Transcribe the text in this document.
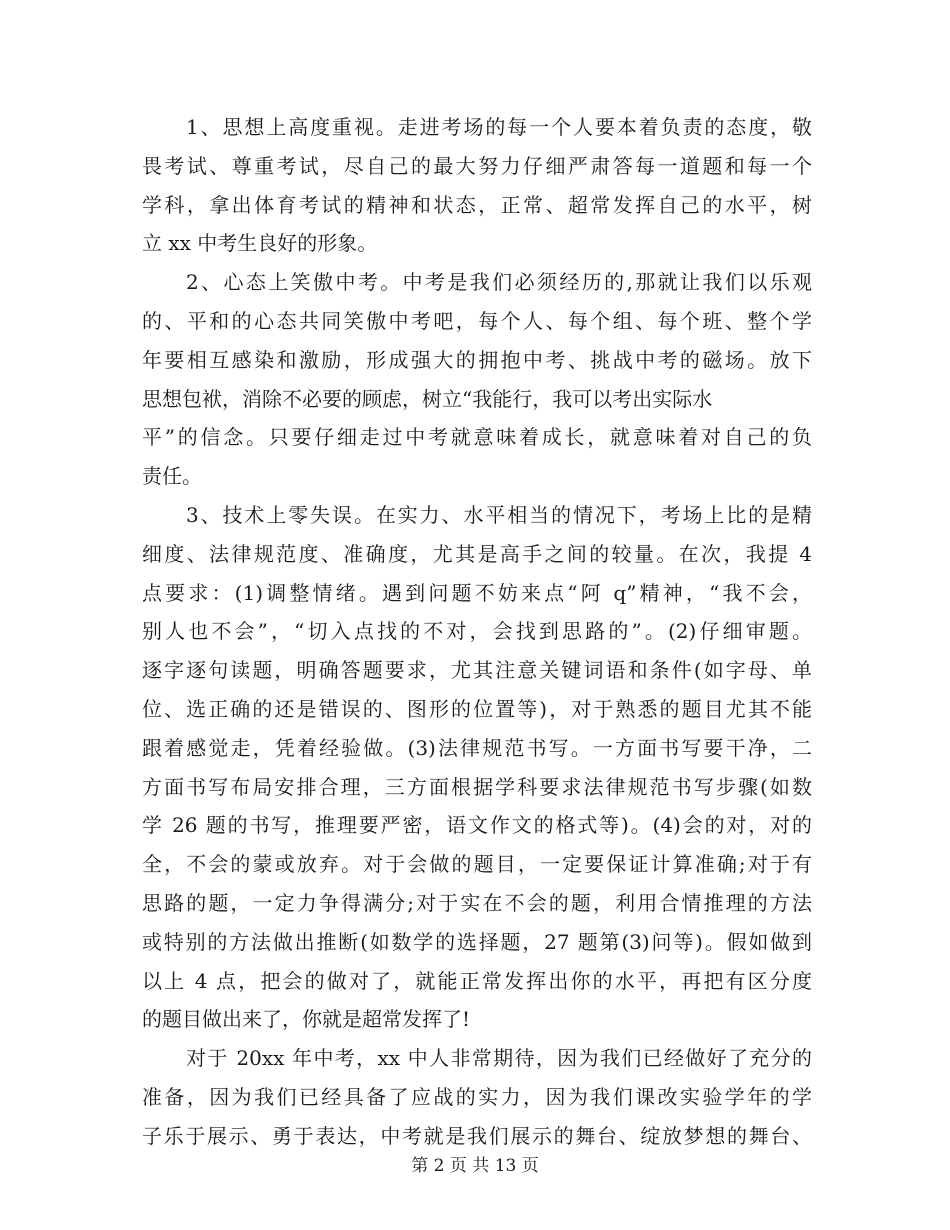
1、思想上高度重视。走进考场的每一个人要本着负责的态度，敬
畏考试、尊重考试，尽自己的最大努力仔细严肃答每一道题和每一个
学科，拿出体育考试的精神和状态，正常、超常发挥自己的水平，树
立 xx 中考生良好的形象。
2、心态上笑傲中考。中考是我们必须经历的,那就让我们以乐观
的、平和的心态共同笑傲中考吧，每个人、每个组、每个班、整个学
年要相互感染和激励，形成强大的拥抱中考、挑战中考的磁场。放下
思想包袱，消除不必要的顾虑，树立“我能行，我可以考出实际水
平”的信念。只要仔细走过中考就意味着成长，就意味着对自己的负
责任。
3、技术上零失误。在实力、水平相当的情况下，考场上比的是精
细度、法律规范度、准确度，尤其是高手之间的较量。在次，我提 4
点要求：(1)调整情绪。遇到问题不妨来点“阿 q”精神，“我不会，
别人也不会”，“切入点找的不对，会找到思路的”。(2)仔细审题。
逐字逐句读题，明确答题要求，尤其注意关键词语和条件(如字母、单
位、选正确的还是错误的、图形的位置等)，对于熟悉的题目尤其不能
跟着感觉走，凭着经验做。(3)法律规范书写。一方面书写要干净，二
方面书写布局安排合理，三方面根据学科要求法律规范书写步骤(如数
学 26 题的书写，推理要严密，语文作文的格式等)。(4)会的对，对的
全，不会的蒙或放弃。对于会做的题目，一定要保证计算准确;对于有
思路的题，一定力争得满分;对于实在不会的题，利用合情推理的方法
或特别的方法做出推断(如数学的选择题，27 题第(3)问等)。假如做到
以上 4 点，把会的做对了，就能正常发挥出你的水平，再把有区分度
的题目做出来了，你就是超常发挥了!
对于 20xx 年中考，xx 中人非常期待，因为我们已经做好了充分的
准备，因为我们已经具备了应战的实力，因为我们课改实验学年的学
子乐于展示、勇于表达，中考就是我们展示的舞台、绽放梦想的舞台、
第 2 页 共 13 页
